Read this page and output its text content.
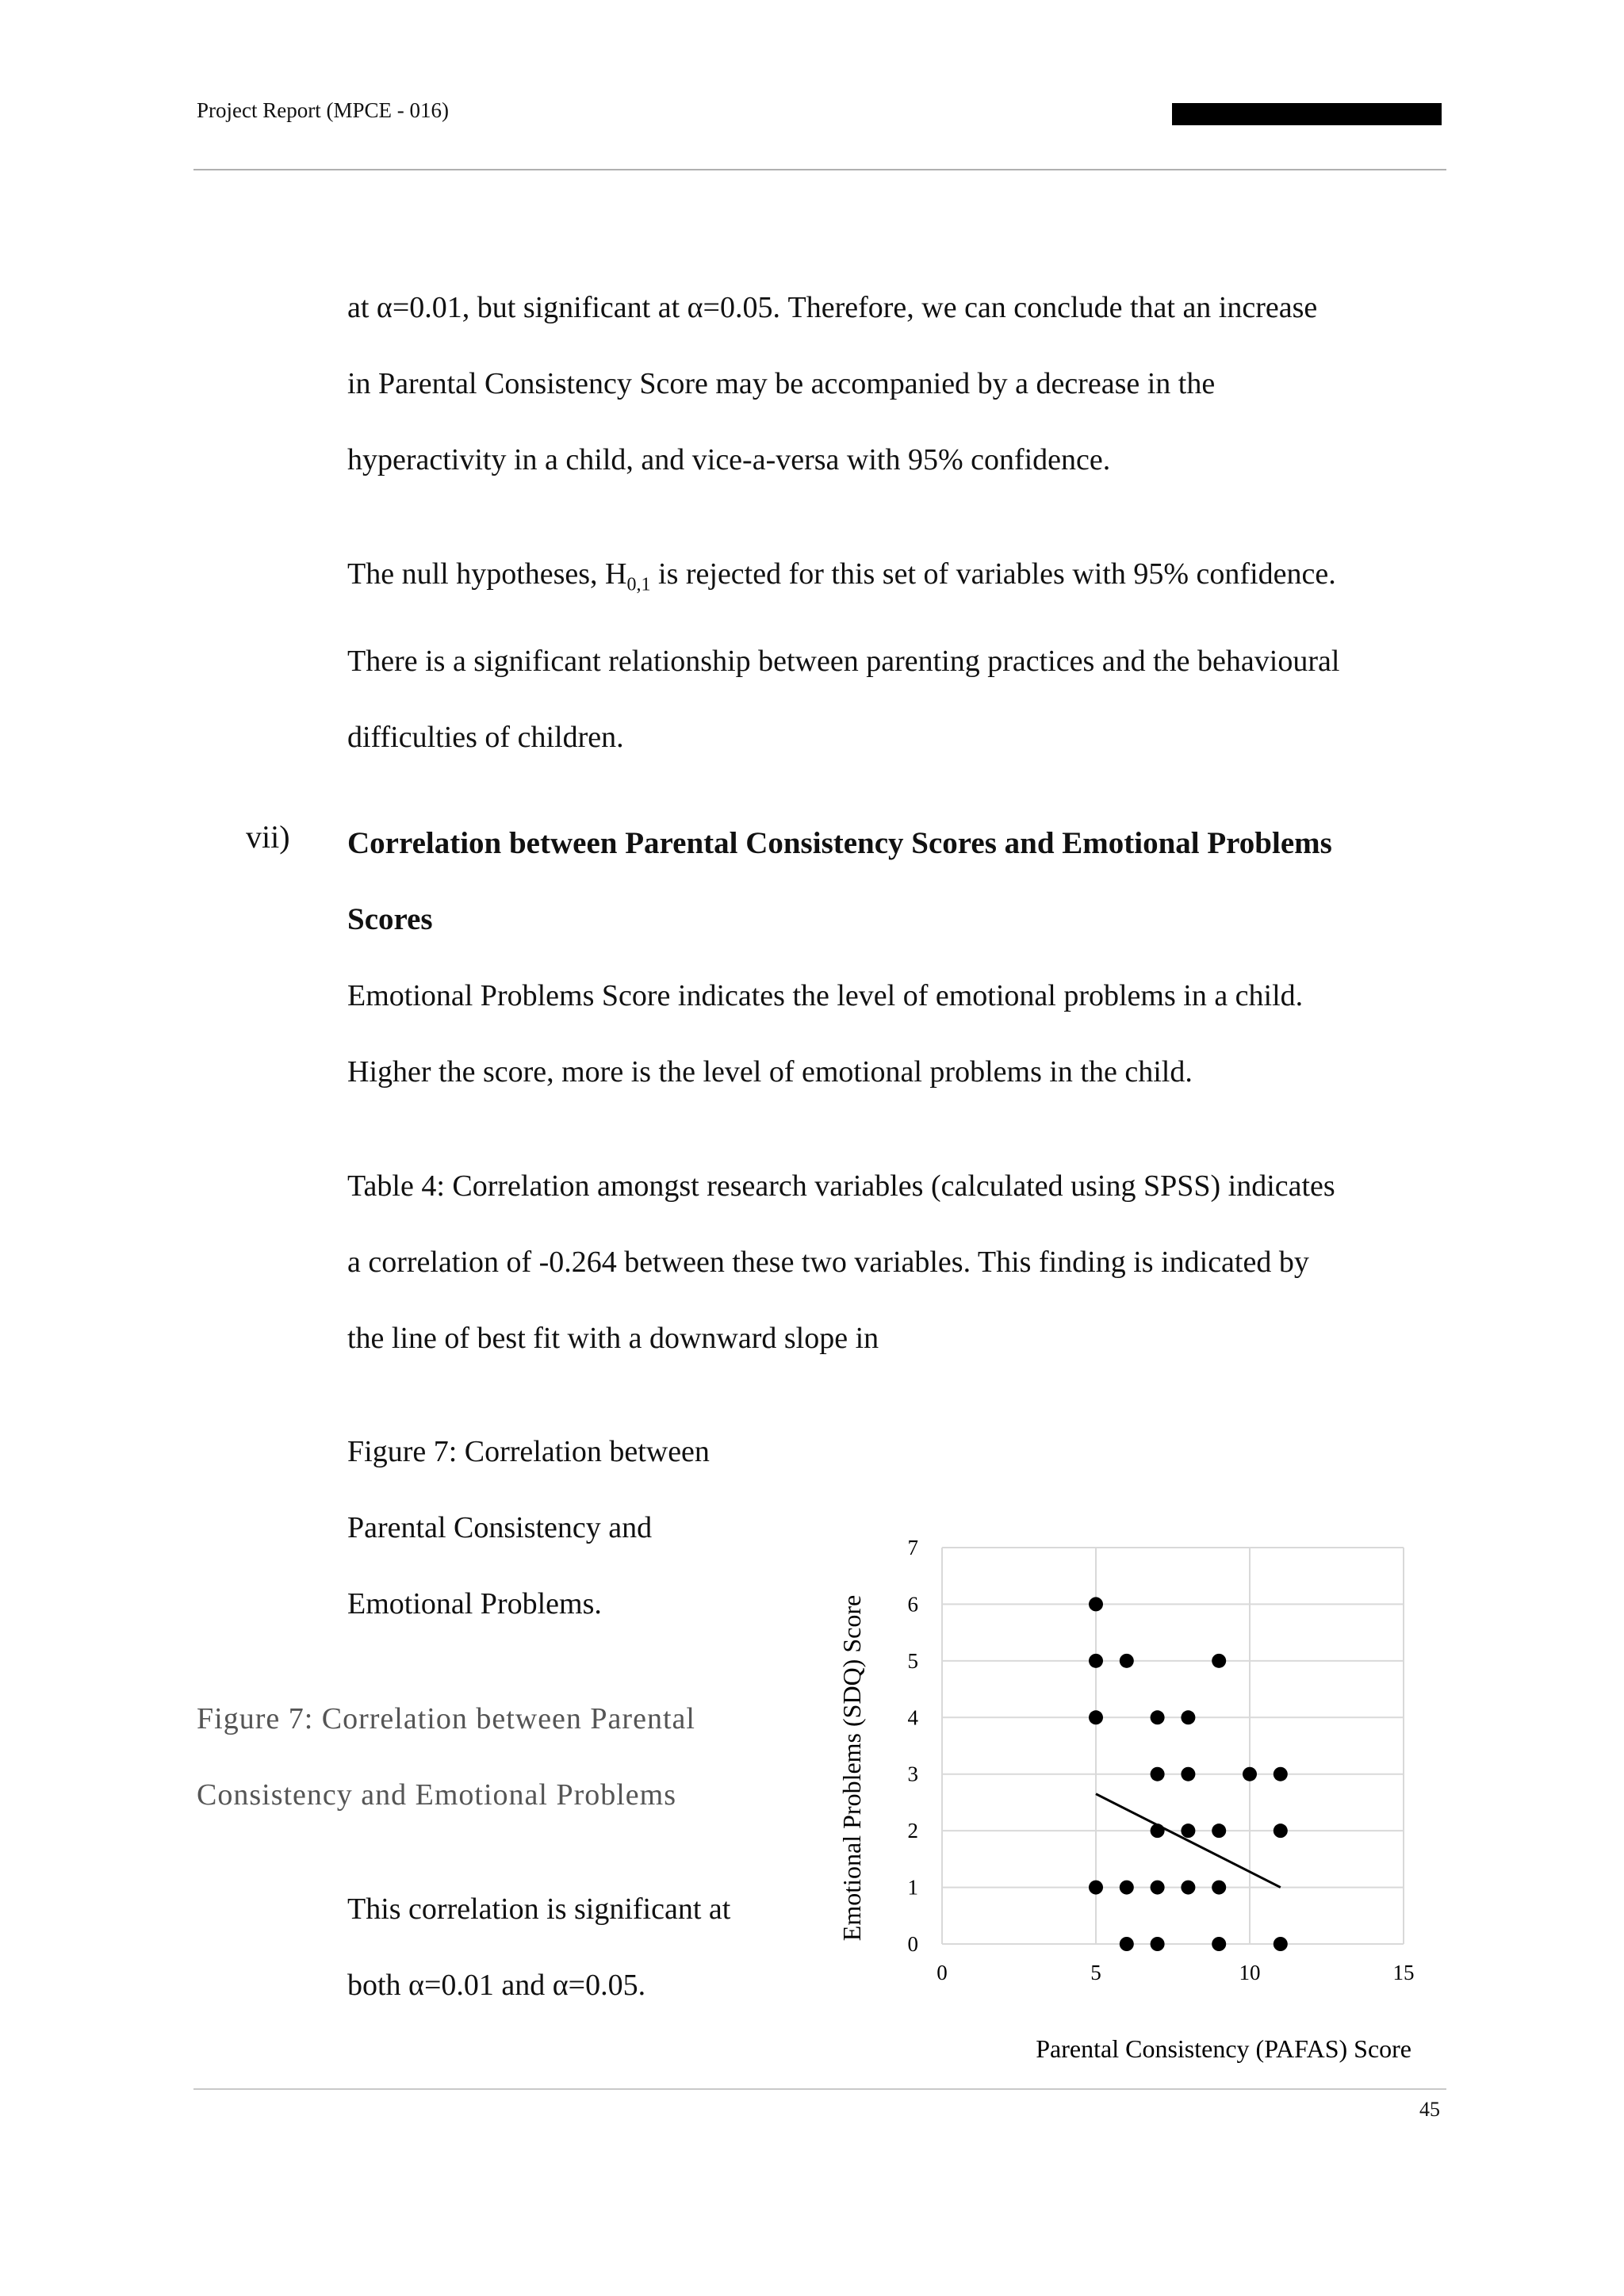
Project Report (MPCE - 016)

at α=0.01, but significant at α=0.05. Therefore, we can conclude that an increase

in Parental Consistency Score may be accompanied by a decrease in the

hyperactivity in a child, and vice-a-versa with 95% confidence.

The null hypotheses, $H_{0,1}$ is rejected for this set of variables with 95% confidence.

There is a significant relationship between parenting practices and the behavioural

difficulties of children.

vii) Correlation between Parental Consistency Scores and Emotional Problems

Scores

Emotional Problems Score indicates the level of emotional problems in a child.

Higher the score, more is the level of emotional problems in the child.

Table 4: Correlation amongst research variables (calculated using SPSS) indicates

a correlation of -0.264 between these two variables. This finding is indicated by

the line of best fit with a downward slope in

Figure 7: Correlation between

Parental Consistency and

Emotional Problems.

Figure 7: Correlation between Parental

Consistency and Emotional Problems

This correlation is significant at

both α=0.01 and α=0.05.

0
1
2
3
4
5
6
7
0	5	10	15
Emotional Problems (SDQ) Score
Parental Consistency (PAFAS) Score
45
